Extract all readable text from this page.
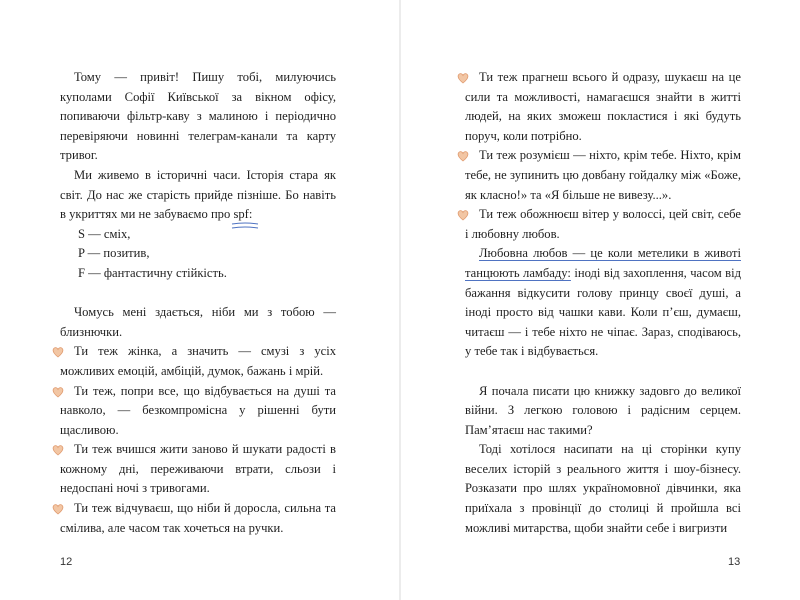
Тому — привіт! Пишу тобі, милуючись куполами Софії Київської за вікном офісу, попиваючи фільтр-каву з малиною і періодично перевіряючи новинні телеграм-канали та карту тривог.

Ми живемо в історичні часи. Історія стара як світ. До нас же старість прийде пізніше. Бо навіть в укриттях ми не забуваємо про spf:

S — сміх,

P — позитив,

F — фантастичну стійкість.

Чомусь мені здається, ніби ми з тобою — близнючки.

Ти теж жінка, а значить — смузі з усіх можливих емоцій, амбіцій, думок, бажань і мрій.

Ти теж, попри все, що відбувається на душі та навколо, — безкомпромісна у рішенні бути щасливою.

Ти теж вчишся жити заново й шукати радості в кожному дні, переживаючи втрати, сльози і недоспані ночі з тривогами.

Ти теж відчуваєш, що ніби й доросла, сильна та смілива, але часом так хочеться на ручки.

12

Ти теж прагнеш всього й одразу, шукаєш на це сили та можливості, намагаєшся знайти в житті людей, на яких зможеш покластися і які будуть поруч, коли потрібно.

Ти теж розумієш — ніхто, крім тебе. Ніхто, крім тебе, не зупинить цю довбану гойдалку між «Боже, як класно!» та «Я більше не вивезу...».

Ти теж обожнюєш вітер у волоссі, цей світ, себе і любовну любов.

Любовна любов — це коли метелики в животі танцюють ламбаду: іноді від захоплення, часом від бажання відкусити голову принцу своєї душі, а іноді просто від чашки кави. Коли п’єш, думаєш, читаєш — і тебе ніхто не чіпає. Зараз, сподіваюсь, у тебе так і відбувається.

Я почала писати цю книжку задовго до великої війни. З легкою головою і радісним серцем. Пам’ятаєш нас такими?

Тоді хотілося насипати на ці сторінки купу веселих історій з реального життя і шоу-бізнесу. Розказати про шлях україномовної дівчинки, яка приїхала з провінції до столиці й пройшла всі можливі митарства, щоби знайти себе і вигризти

13
